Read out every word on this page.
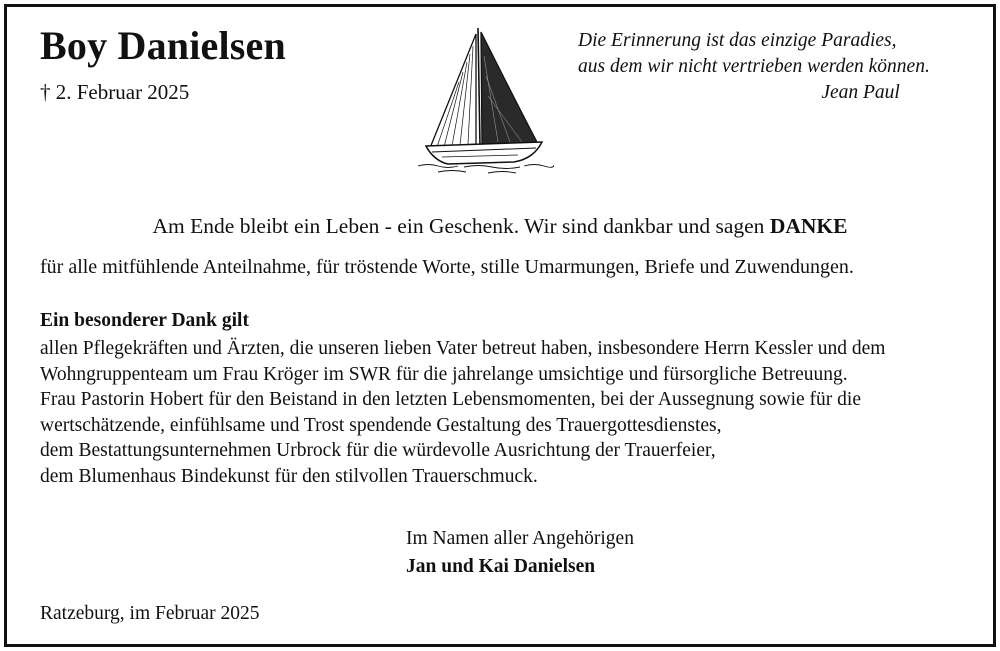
Boy Danielsen
† 2. Februar 2025
Die Erinnerung ist das einzige Paradies,
aus dem wir nicht vertrieben werden können.
Jean Paul
Am Ende bleibt ein Leben - ein Geschenk. Wir sind dankbar und sagen DANKE
für alle mitfühlende Anteilnahme, für tröstende Worte, stille Umarmungen, Briefe und Zuwendungen.
Ein besonderer Dank gilt
allen Pflegekräften und Ärzten, die unseren lieben Vater betreut haben, insbesondere Herrn Kessler und dem
Wohngruppenteam um Frau Kröger im SWR für die jahrelange umsichtige und fürsorgliche Betreuung.
Frau Pastorin Hobert für den Beistand in den letzten Lebensmomenten, bei der Aussegnung sowie für die
wertschätzende, einfühlsame und Trost spendende Gestaltung des Trauergottesdienstes,
dem Bestattungsunternehmen Urbrock für die würdevolle Ausrichtung der Trauerfeier,
dem Blumenhaus Bindekunst für den stilvollen Trauerschmuck.
Im Namen aller Angehörigen
Jan und Kai Danielsen
Ratzeburg, im Februar 2025
